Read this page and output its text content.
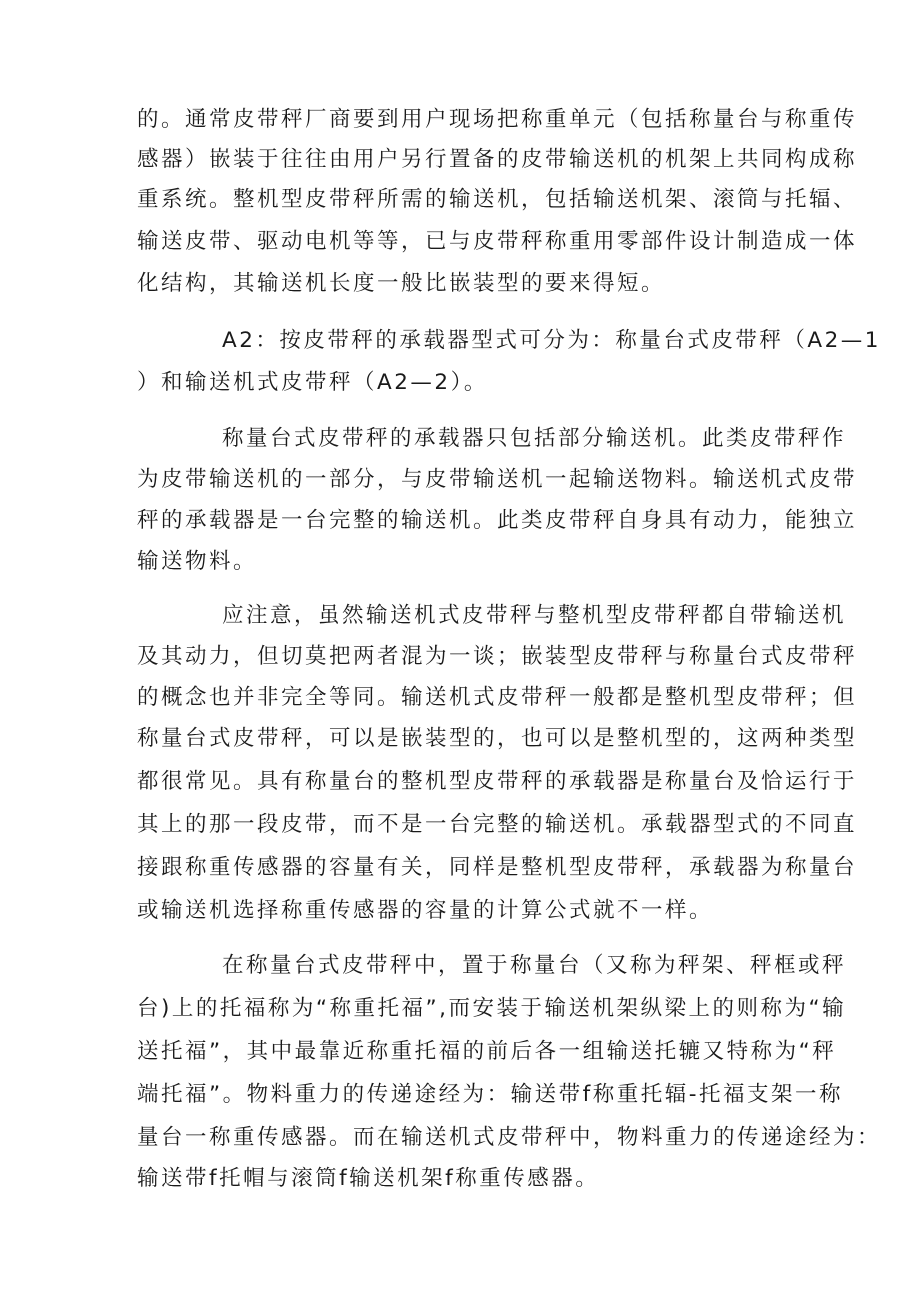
的。通常皮带秤厂商要到用户现场把称重单元（包括称量台与称重传
感器）嵌装于往往由用户另行置备的皮带输送机的机架上共同构成称
重系统。整机型皮带秤所需的输送机，包括输送机架、滚筒与托辐、
输送皮带、驱动电机等等，已与皮带秤称重用零部件设计制造成一体
化结构，其输送机长度一般比嵌装型的要来得短。
A2：按皮带秤的承载器型式可分为：称量台式皮带秤（A2—1
）和输送机式皮带秤（A2—2）。
称量台式皮带秤的承载器只包括部分输送机。此类皮带秤作
为皮带输送机的一部分，与皮带输送机一起输送物料。输送机式皮带
秤的承载器是一台完整的输送机。此类皮带秤自身具有动力，能独立
输送物料。
应注意，虽然输送机式皮带秤与整机型皮带秤都自带输送机
及其动力，但切莫把两者混为一谈；嵌装型皮带秤与称量台式皮带秤
的概念也并非完全等同。输送机式皮带秤一般都是整机型皮带秤；但
称量台式皮带秤，可以是嵌装型的，也可以是整机型的，这两种类型
都很常见。具有称量台的整机型皮带秤的承载器是称量台及恰运行于
其上的那一段皮带，而不是一台完整的输送机。承载器型式的不同直
接跟称重传感器的容量有关，同样是整机型皮带秤，承载器为称量台
或输送机选择称重传感器的容量的计算公式就不一样。
在称量台式皮带秤中，置于称量台（又称为秤架、秤框或秤
台)上的托福称为“称重托福”,而安装于输送机架纵梁上的则称为“输
送托福”，其中最靠近称重托福的前后各一组输送托辘又特称为“秤
端托福”。物料重力的传递途经为：输送带f称重托辐-托福支架一称
量台一称重传感器。而在输送机式皮带秤中，物料重力的传递途经为：
输送带f托帽与滚筒f输送机架f称重传感器。
